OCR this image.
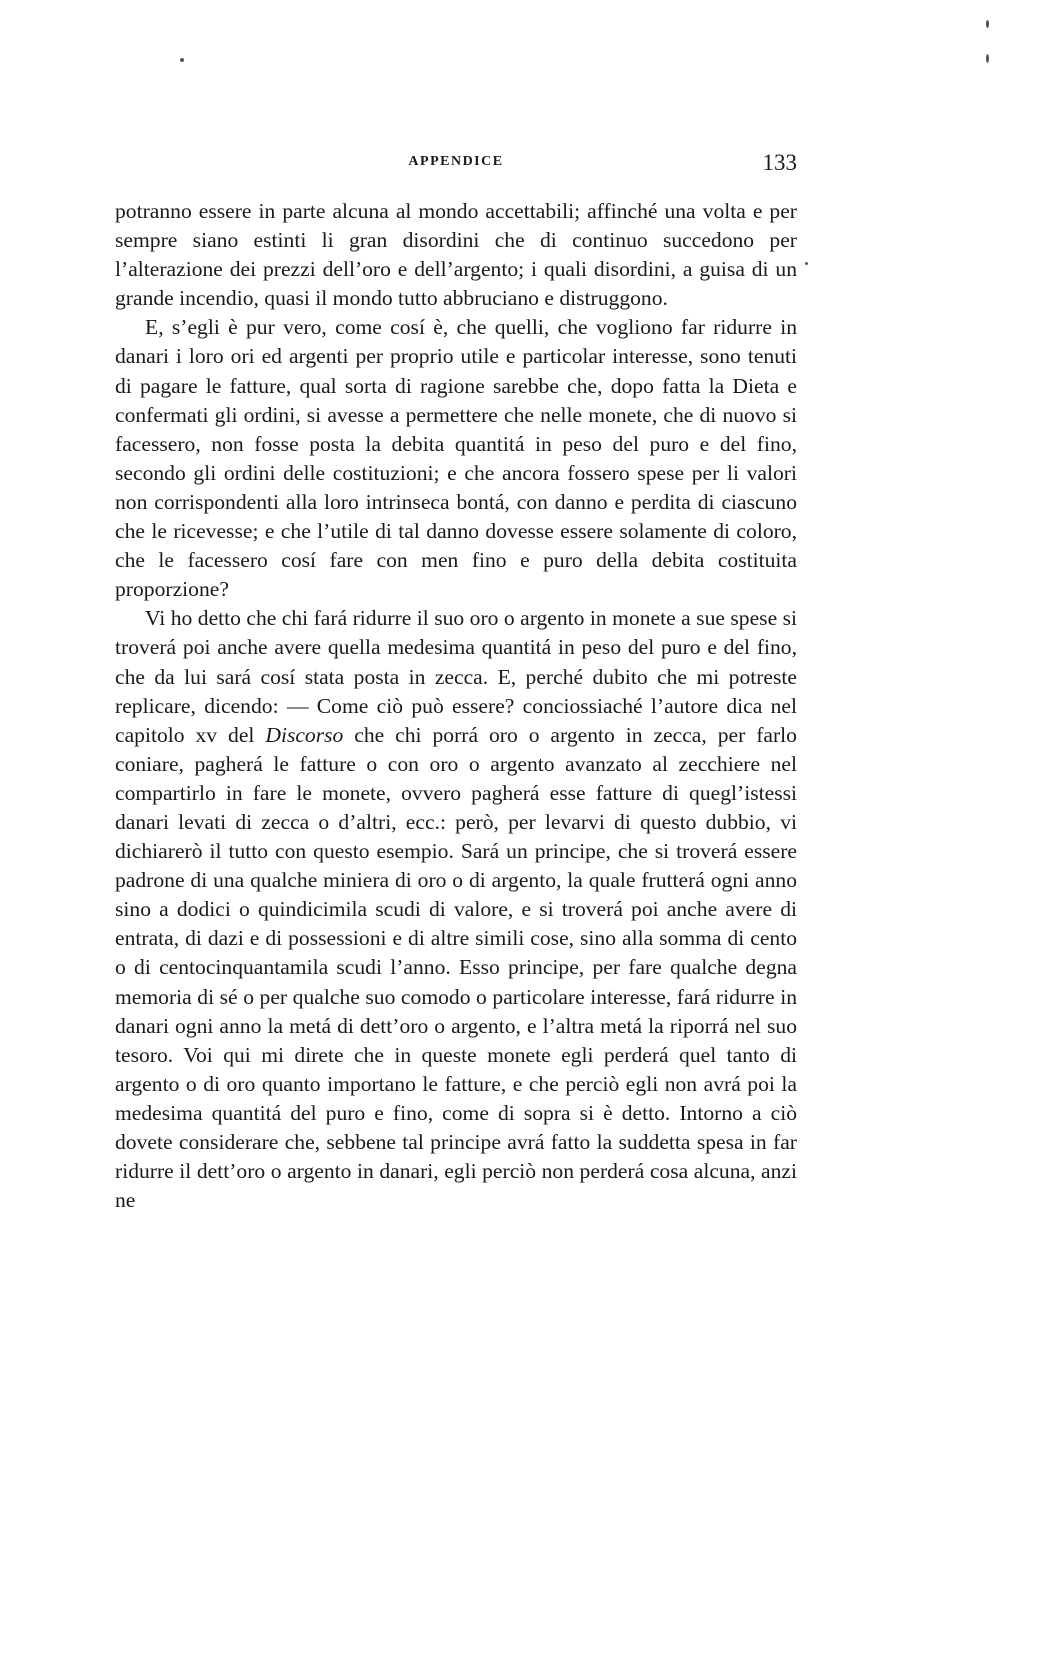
APPENDICE	133

potranno essere in parte alcuna al mondo accettabili; affinché una volta e per sempre siano estinti li gran disordini che di continuo succedono per l’alterazione dei prezzi dell’oro e dell’argento; i quali disordini, a guisa di un grande incendio, quasi il mondo tutto abbruciano e distruggono.

E, s’egli è pur vero, come cosí è, che quelli, che vogliono far ridurre in danari i loro ori ed argenti per proprio utile e particolar interesse, sono tenuti di pagare le fatture, qual sorta di ragione sarebbe che, dopo fatta la Dieta e confermati gli ordini, si avesse a permettere che nelle monete, che di nuovo si facessero, non fosse posta la debita quantitá in peso del puro e del fino, secondo gli ordini delle costituzioni; e che ancora fossero spese per li valori non corrispondenti alla loro intrinseca bontá, con danno e perdita di ciascuno che le ricevesse; e che l’utile di tal danno dovesse essere solamente di coloro, che le facessero cosí fare con men fino e puro della debita costituita proporzione?

Vi ho detto che chi fará ridurre il suo oro o argento in monete a sue spese si troverá poi anche avere quella medesima quantitá in peso del puro e del fino, che da lui sará cosí stata posta in zecca. E, perché dubito che mi potreste replicare, dicendo: — Come ciò può essere? conciossiaché l’autore dica nel capitolo xv del Discorso che chi porrá oro o argento in zecca, per farlo coniare, pagherá le fatture o con oro o argento avanzato al zecchiere nel compartirlo in fare le monete, ovvero pagherá esse fatture di quegl’istessi danari levati di zecca o d’altri, ecc.: però, per levarvi di questo dubbio, vi dichiarerò il tutto con questo esempio. Sará un principe, che si troverá essere padrone di una qualche miniera di oro o di argento, la quale frutterá ogni anno sino a dodici o quindicimila scudi di valore, e si troverá poi anche avere di entrata, di dazi e di possessioni e di altre simili cose, sino alla somma di cento o di centocinquantamila scudi l’anno. Esso principe, per fare qualche degna memoria di sé o per qualche suo comodo o particolare interesse, fará ridurre in danari ogni anno la metá di dett’oro o argento, e l’altra metá la riporrá nel suo tesoro. Voi qui mi direte che in queste monete egli perderá quel tanto di argento o di oro quanto importano le fatture, e che perciò egli non avrá poi la medesima quantitá del puro e fino, come di sopra si è detto. Intorno a ciò dovete considerare che, sebbene tal principe avrá fatto la suddetta spesa in far ridurre il dett’oro o argento in danari, egli perciò non perderá cosa alcuna, anzi ne
